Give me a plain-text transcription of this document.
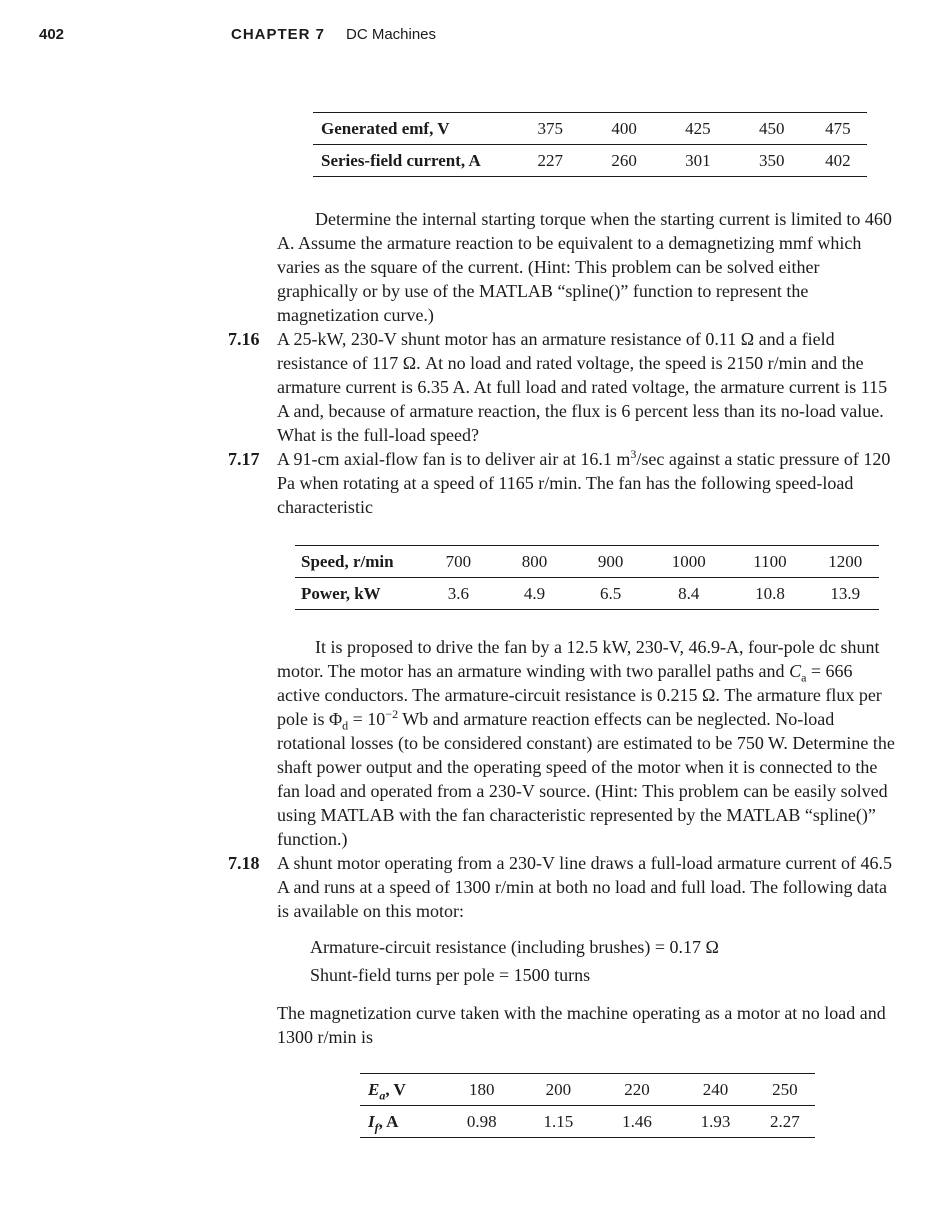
402	CHAPTER 7 DC Machines
Generated emf, V	375	400	425	450	475
Series-field current, A	227	260	301	350	402

Determine the internal starting torque when the starting current is limited to 460 A. Assume the armature reaction to be equivalent to a demagnetizing mmf which varies as the square of the current. (Hint: This problem can be solved either graphically or by use of the MATLAB “spline()” function to represent the magnetization curve.)

7.16 A 25-kW, 230-V shunt motor has an armature resistance of 0.11 Ω and a field resistance of 117 Ω. At no load and rated voltage, the speed is 2150 r/min and the armature current is 6.35 A. At full load and rated voltage, the armature current is 115 A and, because of armature reaction, the flux is 6 percent less than its no-load value. What is the full-load speed?
7.17 A 91-cm axial-flow fan is to deliver air at 16.1 $m^3/\sec$ against a static pressure of 120 Pa when rotating at a speed of 1165 r/min. The fan has the following speed-load characteristic
Speed, r/min	700	800	900	1000	1100	1200
Power, kW	3.6	4.9	6.5	8.4	10.8	13.9

It is proposed to drive the fan by a 12.5 kW, 230-V, 46.9-A, four-pole dc shunt motor. The motor has an armature winding with two parallel paths and $C_a = 666$ active conductors. The armature-circuit resistance is 0.215 Ω. The armature flux per pole is $\Phi_d = 10^{-2}$ Wb and armature reaction effects can be neglected. No-load rotational losses (to be considered constant) are estimated to be 750 W. Determine the shaft power output and the operating speed of the motor when it is connected to the fan load and operated from a 230-V source. (Hint: This problem can be easily solved using MATLAB with the fan characteristic represented by the MATLAB “spline()” function.)

7.18 A shunt motor operating from a 230-V line draws a full-load armature current of 46.5 A and runs at a speed of 1300 r/min at both no load and full load. The following data is available on this motor:
Armature-circuit resistance (including brushes) = 0.17 Ω
Shunt-field turns per pole = 1500 turns

The magnetization curve taken with the machine operating as a motor at no load and 1300 r/min is

$E_a$, V	180	200	220	240	250
$I_f$, A	0.98	1.15	1.46	1.93	2.27
